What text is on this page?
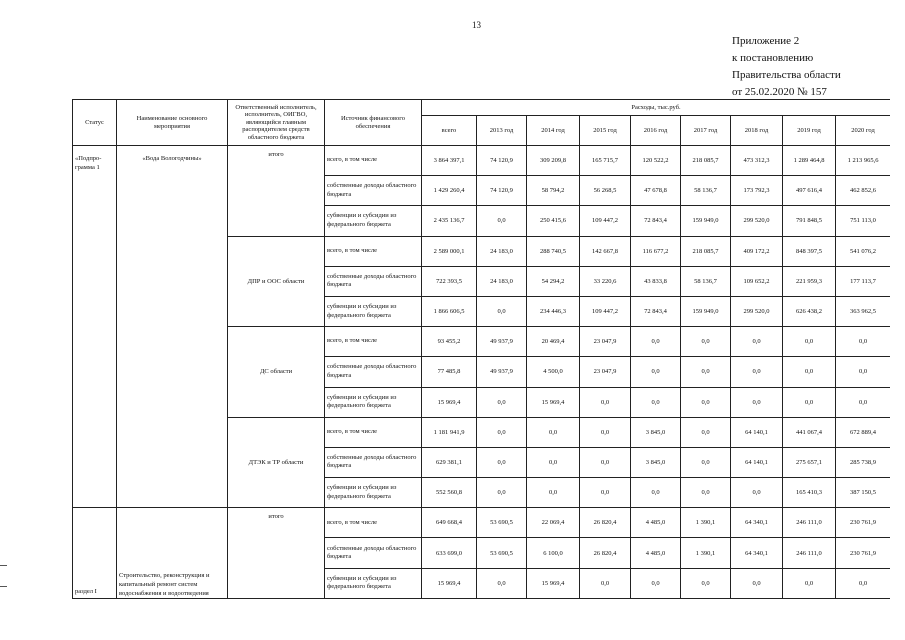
13
Приложение 2
к постановлению
Правительства области
от 25.02.2020 № 157
Статус	Наименование основного мероприятия	Ответственный исполнитель, исполнитель, ОИГВО, являющийся главным распорядителем средств областного бюджета	Источник финансового обеспечения	Расходы, тыс.руб.								
				всего	2013 год	2014 год	2015 год	2016 год	2017 год	2018 год	2019 год	2020 год
«Подпро- грамма 1	«Вода Вологодчины»	итого	всего, в том числе	3 864 397,1	74 120,9	309 209,8	165 715,7	120 522,2	218 085,7	473 312,3	1 289 464,8	1 213 965,6
			собственные доходы областного бюджета	1 429 260,4	74 120,9	58 794,2	56 268,5	47 678,8	58 136,7	173 792,3	497 616,4	462 852,6
			субвенции и субсидии из федерального бюджета	2 435 136,7	0,0	250 415,6	109 447,2	72 843,4	159 949,0	299 520,0	791 848,5	751 113,0
		ДПР и ООС области	всего, в том числе	2 589 000,1	24 183,0	288 740,5	142 667,8	116 677,2	218 085,7	409 172,2	848 397,5	541 076,2
			собственные доходы областного бюджета	722 393,5	24 183,0	54 294,2	33 220,6	43 833,8	58 136,7	109 652,2	221 959,3	177 113,7
			субвенции и субсидии из федерального бюджета	1 866 606,5	0,0	234 446,3	109 447,2	72 843,4	159 949,0	299 520,0	626 438,2	363 962,5
		ДС области	всего, в том числе	93 455,2	49 937,9	20 469,4	23 047,9	0,0	0,0	0,0	0,0	0,0
			собственные доходы областного бюджета	77 485,8	49 937,9	4 500,0	23 047,9	0,0	0,0	0,0	0,0	0,0
			субвенции и субсидии из федерального бюджета	15 969,4	0,0	15 969,4	0,0	0,0	0,0	0,0	0,0	0,0
		ДТЭК и ТР области	всего, в том числе	1 181 941,9	0,0	0,0	0,0	3 845,0	0,0	64 140,1	441 067,4	672 889,4
			собственные доходы областного бюджета	629 381,1	0,0	0,0	0,0	3 845,0	0,0	64 140,1	275 657,1	285 738,9
			субвенции и субсидии из федерального бюджета	552 560,8	0,0	0,0	0,0	0,0	0,0	0,0	165 410,3	387 150,5
раздел I	Строительство, реконструкция и капитальный ремонт систем водоснабжения и водоотведения	итого	всего, в том числе	649 668,4	53 690,5	22 069,4	26 820,4	4 485,0	1 390,1	64 340,1	246 111,0	230 761,9
			собственные доходы областного бюджета	633 699,0	53 690,5	6 100,0	26 820,4	4 485,0	1 390,1	64 340,1	246 111,0	230 761,9
			субвенции и субсидии из федерального бюджета	15 969,4	0,0	15 969,4	0,0	0,0	0,0	0,0	0,0	0,0
